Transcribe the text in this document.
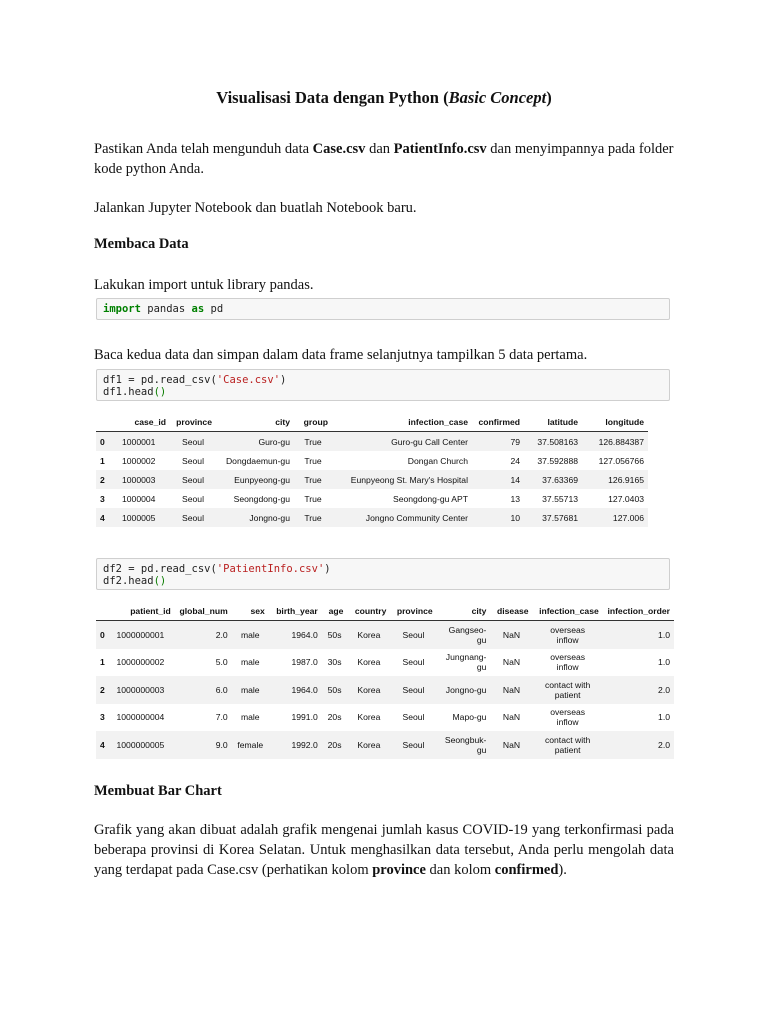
Visualisasi Data dengan Python (Basic Concept)
Pastikan Anda telah mengunduh data Case.csv dan PatientInfo.csv dan menyimpannya pada folder kode python Anda.
Jalankan Jupyter Notebook dan buatlah Notebook baru.
Membaca Data
Lakukan import untuk library pandas.
import pandas as pd
Baca kedua data dan simpan dalam data frame selanjutnya tampilkan 5 data pertama.
df1 = pd.read_csv('Case.csv')
df1.head()
	case_id	province	city	group	infection_case	confirmed	latitude	longitude
0	1000001	Seoul	Guro-gu	True	Guro-gu Call Center	79	37.508163	126.884387
1	1000002	Seoul	Dongdaemun-gu	True	Dongan Church	24	37.592888	127.056766
2	1000003	Seoul	Eunpyeong-gu	True	Eunpyeong St. Mary's Hospital	14	37.63369	126.9165
3	1000004	Seoul	Seongdong-gu	True	Seongdong-gu APT	13	37.55713	127.0403
4	1000005	Seoul	Jongno-gu	True	Jongno Community Center	10	37.57681	127.006
df2 = pd.read_csv('PatientInfo.csv')
df2.head()
	patient_id	global_num	sex	birth_year	age	country	province	city	disease	infection_case	infection_order
0	1000000001	2.0	male	1964.0	50s	Korea	Seoul	Gangseo-
gu	NaN	overseas
inflow	1.0
1	1000000002	5.0	male	1987.0	30s	Korea	Seoul	Jungnang-
gu	NaN	overseas
inflow	1.0
2	1000000003	6.0	male	1964.0	50s	Korea	Seoul	Jongno-gu	NaN	contact with
patient	2.0
3	1000000004	7.0	male	1991.0	20s	Korea	Seoul	Mapo-gu	NaN	overseas
inflow	1.0
4	1000000005	9.0	female	1992.0	20s	Korea	Seoul	Seongbuk-
gu	NaN	contact with
patient	2.0
Membuat Bar Chart
Grafik yang akan dibuat adalah grafik mengenai jumlah kasus COVID-19 yang terkonfirmasi pada beberapa provinsi di Korea Selatan. Untuk menghasilkan data tersebut, Anda perlu mengolah data yang terdapat pada Case.csv (perhatikan kolom province dan kolom confirmed).
